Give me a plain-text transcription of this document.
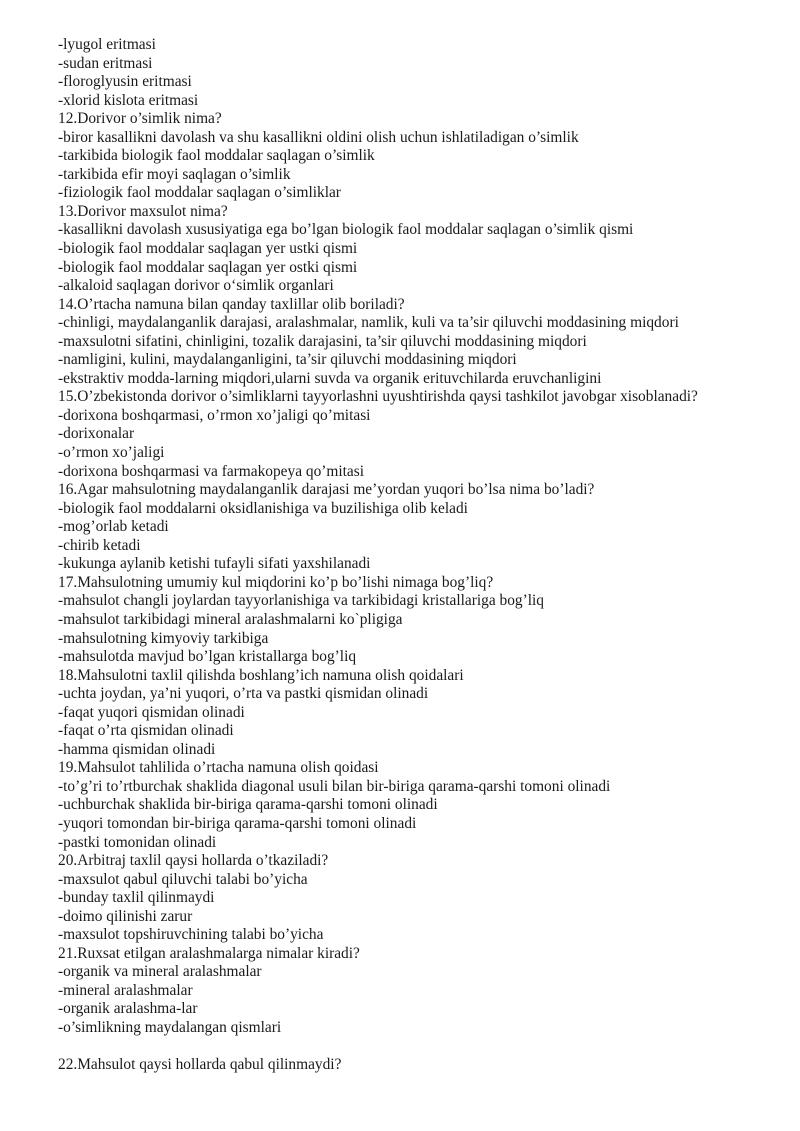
-lyugol eritmasi
-sudan eritmasi
-floroglyusin eritmasi
-xlorid kislota eritmasi
12.Dorivor o’simlik nima?
-biror kasallikni davolash va shu kasallikni oldini olish uchun ishlatiladigan o’simlik
-tarkibida biologik faol moddalar saqlagan o’simlik
-tarkibida efir moyi saqlagan o’simlik
-fiziologik faol moddalar saqlagan o’simliklar
13.Dorivor maxsulot nima?
-kasallikni davolash xususiyatiga ega bo’lgan biologik faol moddalar saqlagan o’simlik qismi
-biologik faol moddalar saqlagan yer ustki qismi
-biologik faol moddalar saqlagan yer ostki qismi
-alkaloid saqlagan dorivor o‘simlik organlari
14.O’rtacha namuna bilan qanday taxlillar olib boriladi?
-chinligi, maydalanganlik darajasi, aralashmalar, namlik, kuli va ta’sir qiluvchi moddasining miqdori
-maxsulotni sifatini, chinligini, tozalik darajasini, ta’sir qiluvchi moddasining miqdori
-namligini, kulini, maydalanganligini, ta’sir qiluvchi moddasining miqdori
-ekstraktiv modda-larning miqdori,ularni suvda va organik erituvchilarda eruvchanligini
15.O’zbekistonda dorivor o’simliklarni tayyorlashni uyushtirishda qaysi tashkilot javobgar xisoblanadi?
-dorixona boshqarmasi, o’rmon xo’jaligi qo’mitasi
-dorixonalar
-o’rmon xo’jaligi
-dorixona boshqarmasi va farmakopeya qo’mitasi
16.Agar mahsulotning maydalanganlik darajasi me’yordan yuqori bo’lsa nima bo’ladi?
-biologik faol moddalarni oksidlanishiga va buzilishiga olib keladi
-mog’orlab ketadi
-chirib ketadi
-kukunga aylanib ketishi tufayli sifati yaxshilanadi
17.Mahsulotning umumiy kul miqdorini ko’p bo’lishi nimaga bog’liq?
-mahsulot changli joylardan tayyorlanishiga va tarkibidagi kristallariga bog’liq
-mahsulot tarkibidagi mineral aralashmalarni ko`pligiga
-mahsulotning kimyoviy tarkibiga
-mahsulotda mavjud bo’lgan kristallarga bog’liq
18.Mahsulotni taxlil qilishda boshlang’ich namuna olish qoidalari
-uchta joydan, ya’ni yuqori, o’rta va pastki qismidan olinadi
-faqat yuqori qismidan olinadi
-faqat o’rta qismidan olinadi
-hamma qismidan olinadi
19.Mahsulot tahlilida o’rtacha namuna olish qoidasi
-to’g’ri to’rtburchak shaklida diagonal usuli bilan bir-biriga qarama-qarshi tomoni olinadi
-uchburchak shaklida bir-biriga qarama-qarshi tomoni olinadi
-yuqori tomondan bir-biriga qarama-qarshi tomoni olinadi
-pastki tomonidan olinadi
20.Arbitraj taxlil qaysi hollarda o’tkaziladi?
-maxsulot qabul qiluvchi talabi bo’yicha
-bunday taxlil qilinmaydi
-doimo qilinishi zarur
-maxsulot topshiruvchining talabi bo’yicha
21.Ruxsat etilgan aralashmalarga nimalar kiradi?
-organik va mineral aralashmalar
-mineral aralashmalar
-organik aralashma-lar
-o’simlikning maydalangan qismlari
22.Mahsulot qaysi hollarda qabul qilinmaydi?
